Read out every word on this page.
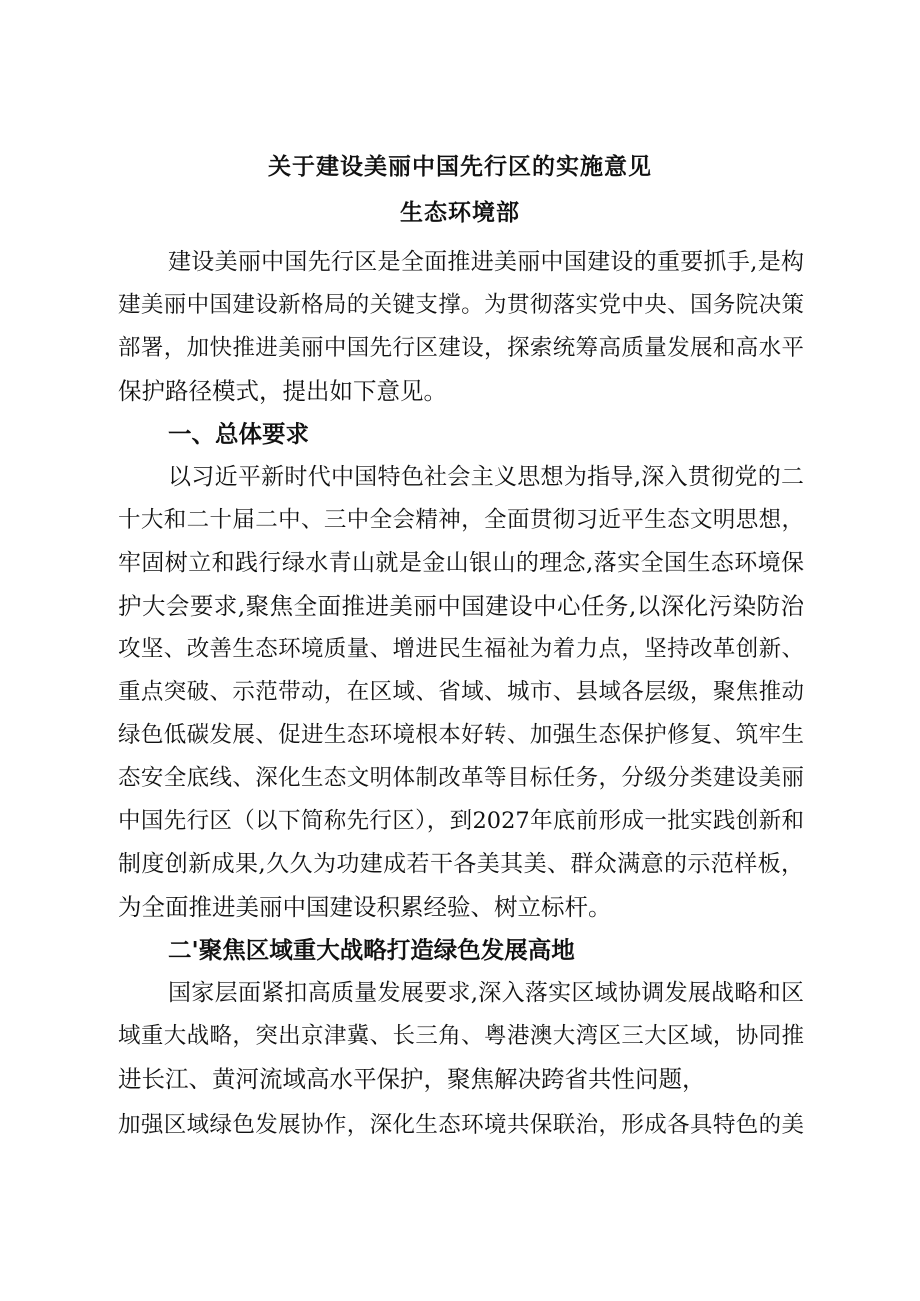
关于建设美丽中国先行区的实施意见
生态环境部
建设美丽中国先行区是全面推进美丽中国建设的重要抓手,是构
建美丽中国建设新格局的关键支撑。为贯彻落实党中央、国务院决策
部署，加快推进美丽中国先行区建设，探索统筹高质量发展和高水平
保护路径模式，提出如下意见。
一、总体要求
以习近平新时代中国特色社会主义思想为指导,深入贯彻党的二
十大和二十届二中、三中全会精神，全面贯彻习近平生态文明思想，
牢固树立和践行绿水青山就是金山银山的理念,落实全国生态环境保
护大会要求,聚焦全面推进美丽中国建设中心任务,以深化污染防治
攻坚、改善生态环境质量、增进民生福祉为着力点，坚持改革创新、
重点突破、示范带动，在区域、省域、城市、县域各层级，聚焦推动
绿色低碳发展、促进生态环境根本好转、加强生态保护修复、筑牢生
态安全底线、深化生态文明体制改革等目标任务，分级分类建设美丽
中国先行区（以下简称先行区），到2027年底前形成一批实践创新和
制度创新成果,久久为功建成若干各美其美、群众满意的示范样板，
为全面推进美丽中国建设积累经验、树立标杆。
二'聚焦区域重大战略打造绿色发展高地
国家层面紧扣高质量发展要求,深入落实区域协调发展战略和区
域重大战略，突出京津冀、长三角、粤港澳大湾区三大区域，协同推
进长江、黄河流域高水平保护，聚焦解决跨省共性问题，
加强区域绿色发展协作，深化生态环境共保联治，形成各具特色的美
